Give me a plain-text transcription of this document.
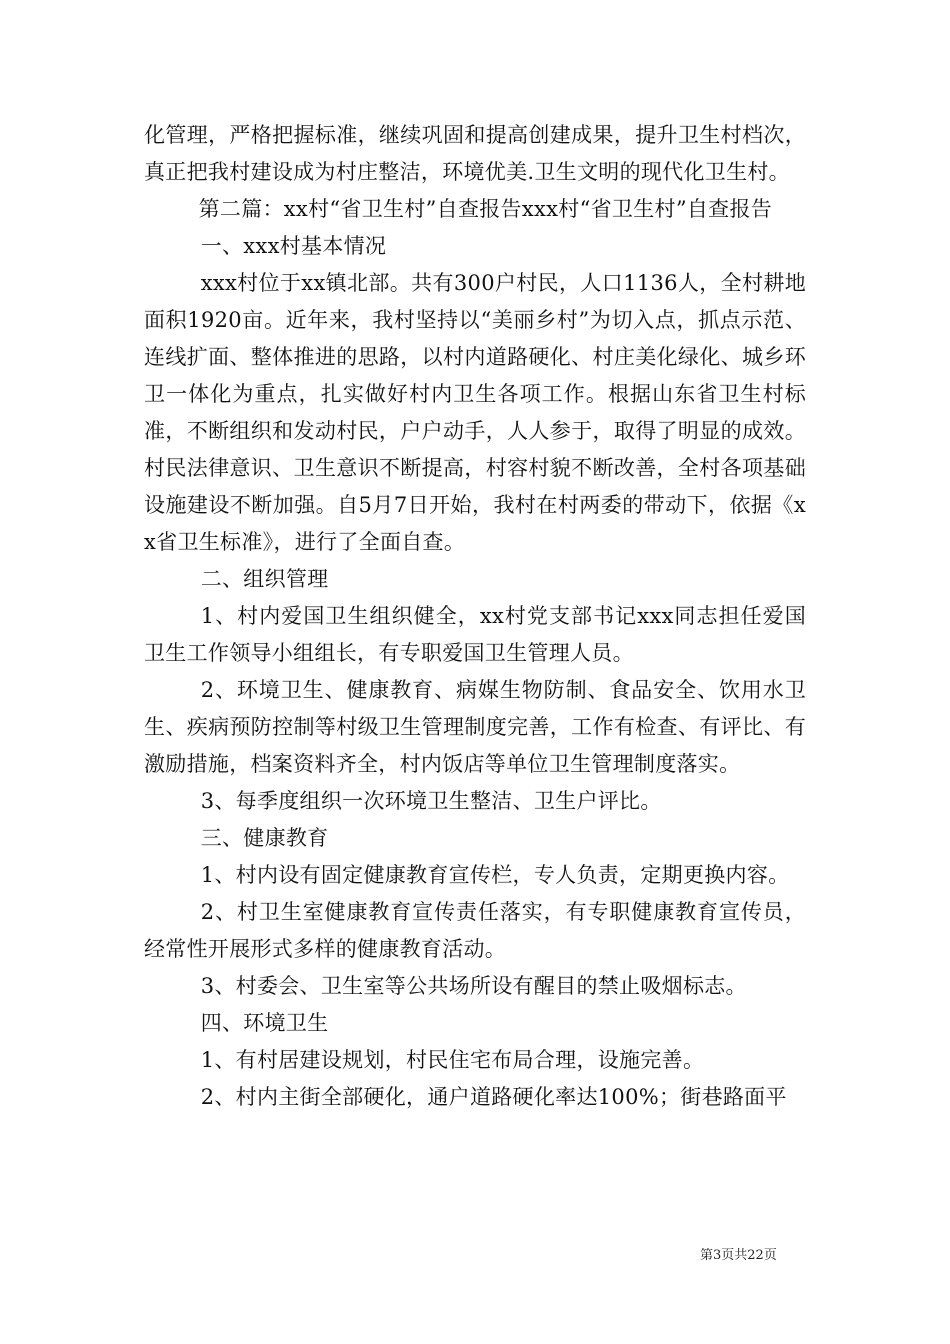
化管理，严格把握标准，继续巩固和提高创建成果，提升卫生村档次，真正把我村建设成为村庄整洁，环境优美.卫生文明的现代化卫生村。

第二篇：xx村“省卫生村”自查报告xxx村“省卫生村”自查报告

一、xxx村基本情况

xxx村位于xx镇北部。共有300户村民，人口1136人，全村耕地面积1920亩。近年来，我村坚持以“美丽乡村”为切入点，抓点示范、连线扩面、整体推进的思路，以村内道路硬化、村庄美化绿化、城乡环卫一体化为重点，扎实做好村内卫生各项工作。根据山东省卫生村标准，不断组织和发动村民，户户动手，人人参于，取得了明显的成效。村民法律意识、卫生意识不断提高，村容村貌不断改善，全村各项基础设施建设不断加强。自5月7日开始，我村在村两委的带动下，依据《xx省卫生标准》，进行了全面自查。

二、组织管理

1、村内爱国卫生组织健全，xx村党支部书记xxx同志担任爱国卫生工作领导小组组长，有专职爱国卫生管理人员。

2、环境卫生、健康教育、病媒生物防制、食品安全、饮用水卫生、疾病预防控制等村级卫生管理制度完善，工作有检查、有评比、有激励措施，档案资料齐全，村内饭店等单位卫生管理制度落实。

3、每季度组织一次环境卫生整洁、卫生户评比。

三、健康教育

1、村内设有固定健康教育宣传栏，专人负责，定期更换内容。

2、村卫生室健康教育宣传责任落实，有专职健康教育宣传员，经常性开展形式多样的健康教育活动。

3、村委会、卫生室等公共场所设有醒目的禁止吸烟标志。

四、环境卫生

1、有村居建设规划，村民住宅布局合理，设施完善。

2、村内主街全部硬化，通户道路硬化率达100%；街巷路面平

第3页共22页
